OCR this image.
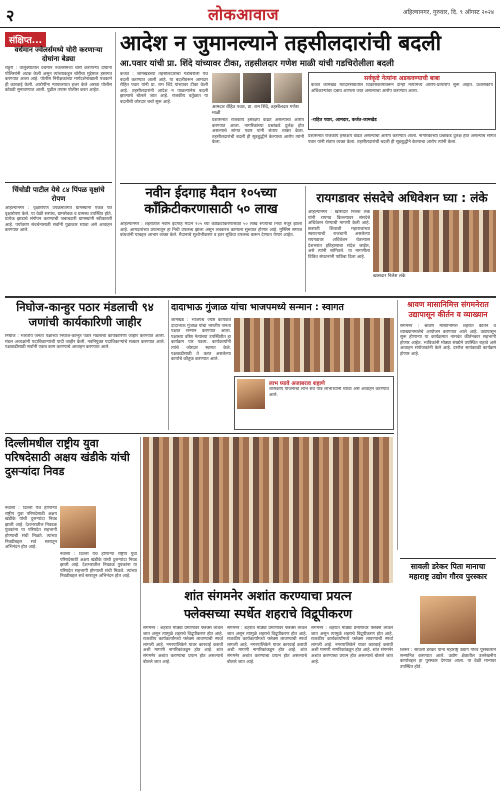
२	लोकआवाज	अहिल्यानगर, गुरुवार, दि. ९ ऑगस्ट २०२४
संक्षिप्त...
वर्धमान ज्वेलर्समध्ये चोरी करणाऱ्या दोघांना बेड्या
राहुरी : तालुक्यातील वर्धमान ज्वेलर्समध्ये चोरी करणाऱ्या दोघांना पोलिसांनी अटक केली असून त्यांच्याकडून चोरीचा मुद्देमाल हस्तगत करण्यात आला आहे. पोलीस निरीक्षकांच्या मार्गदर्शनाखाली पथकाने ही कारवाई केली. आरोपींना न्यायालयात हजर केले असता पोलीस कोठडी सुनावण्यात आली. पुढील तपास पोलीस करत आहेत.
चिंचोडी पाटील येथे ८४ पिंपळ वृक्षांचे रोपण
अहिल्यानगर : वृक्षारोपण उपक्रमांतर्गत ग्रामस्थांनी एकत्र येत वृक्षारोपण केले. या वेळी सरपंच, ग्रामसेवक व ग्रामस्थ उपस्थित होते. प्रत्येक झाडाचे संगोपन करण्याची जबाबदारी ग्रामस्थांनी स्वीकारली आहे. पर्यावरण संवर्धनासाठी सर्वांनी पुढाकार घ्यावा असे आवाहन करण्यात आले.
आदेश न जुमानल्याने तहसीलदारांची बदली
आ.पवार यांची प्रा. शिंदे यांच्यावर टीका, तहसीलदार गणेश माळी यांची गडचिरोलीला बदली
कर्जत : जामखेडच्या तहसीलदारांची गडचिरोली येथे बदली करण्यात आली आहे. या बदलीवरून आमदार रोहित पवार यांनी प्रा. राम शिंदे यांच्यावर टीका केली आहे. तहसीलदारांनी आदेश न पाळल्यानेच बदली झाल्याचे बोलले जात आहे. राजकीय वर्तुळात या बदलीची जोरदार चर्चा सुरू आहे.
आमदार रोहित पवार, प्रा. राम शिंदे, तहसीलदार गणेश माळी
प्रशासनात राजकीय हस्तक्षेप वाढत असल्याचा आरोप करण्यात आला. नागरिकांच्या प्रश्नांकडे दुर्लक्ष होत असल्याचे सांगत पवार यांनी संताप व्यक्त केला. तहसीलदारांची बदली ही सूडबुद्धीने केल्याचा आरोप त्यांनी केला.
सर्वकृष्टे नेत्यांना अडकवण्याची बाबा
कर्जत जामखेड मतदारसंघातील विकासकामांवरून दोन्ही नेत्यांमध्ये आरोप-प्रत्यारोप सुरू आहेत. प्रशासकीय अधिकाऱ्यांवर दबाव आणला जात असल्याचा आरोप करण्यात आला.
-राहित पवार, आमदार, कर्जत-जामखेड
प्रशासनात राजकीय हस्तक्षेप वाढत असल्याचा आरोप करण्यात आला. नागरिकांच्या प्रश्नांकडे दुर्लक्ष होत असल्याचे सांगत पवार यांनी संताप व्यक्त केला. तहसीलदारांची बदली ही सूडबुद्धीने केल्याचा आरोप त्यांनी केला.
नवीन ईदगाह मैदान १०५च्या कॉंक्रिटीकरणासाठी ५० लाख
अहिल्यानगर : शहरातील नवीन ईदगाह मैदान १०५ च्या कॉंक्रिटीकरणासाठी ५० लाख रुपयांचा निधी मंजूर झाला आहे. आमदारांच्या प्रयत्नातून हा निधी उपलब्ध झाला असून लवकरच कामाला सुरुवात होणार आहे. मुस्लिम समाज बांधवांनी याबद्दल आभार व्यक्त केले. मैदानाचे सुशोभीकरण व इतर सुविधा उपलब्ध करून देण्यात येणार आहेत.
रायगडावर संसदेचे अधिवेशन घ्या : लंके
अहिल्यानगर : खासदार निलेश लंके यांनी रायगड किल्ल्यावर संसदेचे अधिवेशन घेण्याची मागणी केली आहे. छत्रपती शिवाजी महाराजांच्या स्वराज्याची राजधानी असलेल्या रायगडावर अधिवेशन घेतल्यास देशभरात इतिहासाचा संदेश जाईल, असे त्यांनी सांगितले. या मागणीला विविध संघटनांनी पाठिंबा दिला आहे.
खासदार निलेश लंके
निघोज-कान्हुर पठार मंडलाची ९४ जणांची कार्यकारिणी जाहीर
निघोज : भारतीय जनता पक्षाच्या निघोज-कान्हुर पठार मंडलाची कार्यकारिणी जाहीर करण्यात आली. मंडल अध्यक्षांनी पदाधिकाऱ्यांची यादी जाहीर केली. नवनियुक्त पदाधिकाऱ्यांचे सत्कार करण्यात आले. पक्षवाढीसाठी सर्वांनी एकत्र काम करण्याचे आवाहन करण्यात आले.
दादाभाऊ गुंजाळ यांचा भाजपमध्ये सन्मान : स्वागत
जामखेड : भाजपचे ज्येष्ठ कार्यकर्ते दादाभाऊ गुंजाळ यांचा भारतीय जनता पक्षात सन्मान करण्यात आला. पक्षाच्या वरिष्ठ नेत्यांच्या उपस्थितीत हा कार्यक्रम पार पडला. कार्यकर्त्यांनी त्यांचे जोरदार स्वागत केले. पक्षवाढीसाठी ते करत असलेल्या कार्याचे कौतुक करण्यात आले.
लाभ घ्यावे अजाबराव शहाणे
शासकीय योजनांचा लाभ सर्व पात्र लाभार्थ्यांनी घ्यावा असे आवाहन करण्यात आले.
श्रावण मासानिमित्त संगमनेरात उद्यापासून कीर्तन व व्याख्यान
संगमनेर : श्रावण मासानिमित्त शहरात कीर्तन व व्याख्यानमालेचे आयोजन करण्यात आले आहे. उद्यापासून सुरू होणाऱ्या या कार्यक्रमात नामवंत कीर्तनकार सहभागी होणार आहेत. भाविकांनी मोठ्या संख्येने उपस्थित राहावे असे आवाहन संयोजकांनी केले आहे. दररोज सायंकाळी कार्यक्रम होणार आहे.
दिल्लीमधील राष्ट्रीय युवा परिषदेसाठी अक्षय खंडीके यांची दुसऱ्यांदा निवड
नेवासा : दिल्ली येथे होणाऱ्या राष्ट्रीय युवा परिषदेसाठी अक्षय खंडीके यांची दुसऱ्यांदा निवड झाली आहे. देशभरातील निवडक युवकांना या परिषदेत सहभागी होण्याची संधी मिळते. त्यांच्या निवडीबद्दल सर्व स्तरातून अभिनंदन होत आहे.
नेवासा : दिल्ली येथे होणाऱ्या राष्ट्रीय युवा परिषदेसाठी अक्षय खंडीके यांची दुसऱ्यांदा निवड झाली आहे. देशभरातील निवडक युवकांना या परिषदेत सहभागी होण्याची संधी मिळते. त्यांच्या निवडीबद्दल सर्व स्तरातून अभिनंदन होत आहे.
शांत संगमनेर अशांत करण्याचा प्रयत्न
फ्लेक्सच्या स्पर्धेत शहराचे विद्रूपीकरण
संगमनेर : शहरात मोठ्या प्रमाणावर फ्लेक्स लावले जात असून त्यामुळे शहराचे विद्रूपीकरण होत आहे. राजकीय कार्यकर्त्यांमध्ये फ्लेक्स लावण्याची स्पर्धा लागली आहे. नगरपालिकेने यावर कारवाई करावी अशी मागणी नागरिकांकडून होत आहे. शांत संगमनेर अशांत करण्याचा प्रयत्न होत असल्याचे बोलले जात आहे.
संगमनेर : शहरात मोठ्या प्रमाणावर फ्लेक्स लावले जात असून त्यामुळे शहराचे विद्रूपीकरण होत आहे. राजकीय कार्यकर्त्यांमध्ये फ्लेक्स लावण्याची स्पर्धा लागली आहे. नगरपालिकेने यावर कारवाई करावी अशी मागणी नागरिकांकडून होत आहे. शांत संगमनेर अशांत करण्याचा प्रयत्न होत असल्याचे बोलले जात आहे.
संगमनेर : शहरात मोठ्या प्रमाणावर फ्लेक्स लावले जात असून त्यामुळे शहराचे विद्रूपीकरण होत आहे. राजकीय कार्यकर्त्यांमध्ये फ्लेक्स लावण्याची स्पर्धा लागली आहे. नगरपालिकेने यावर कारवाई करावी अशी मागणी नागरिकांकडून होत आहे. शांत संगमनेर अशांत करण्याचा प्रयत्न होत असल्याचे बोलले जात आहे.
सावली डरेकर पिता मानाचा महाराष्ट्र उद्योग गौरव पुरस्कार
शिरूर : सावली डरेकर यांना महाराष्ट्र उद्योग गौरव पुरस्काराने सन्मानित करण्यात आले. उद्योग क्षेत्रातील उल्लेखनीय कार्याबद्दल हा पुरस्कार देण्यात आला. या वेळी मान्यवर उपस्थित होते.
